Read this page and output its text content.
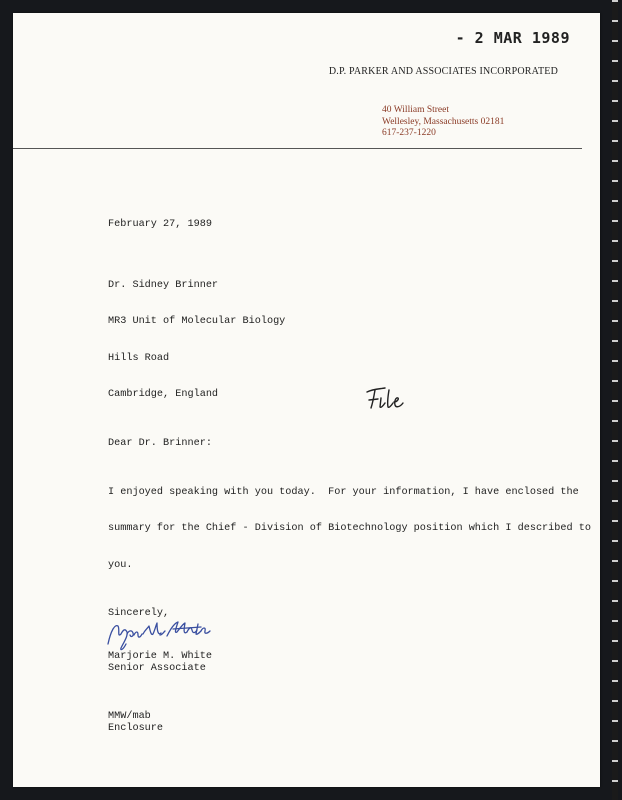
- 2 MAR 1989
D.P. PARKER AND ASSOCIATES INCORPORATED
40 William Street
Wellesley, Massachusetts 02181
617-237-1220
February 27, 1989

Dr. Sidney Brinner

MR3 Unit of Molecular Biology

Hills Road

Cambridge, England

Dear Dr. Brinner:

I enjoyed speaking with you today.  For your information, I have enclosed the

summary for the Chief - Division of Biotechnology position which I described to

you.

Sincerely,

Marjorie M. White
Senior Associate
MMW/mab
Enclosure
